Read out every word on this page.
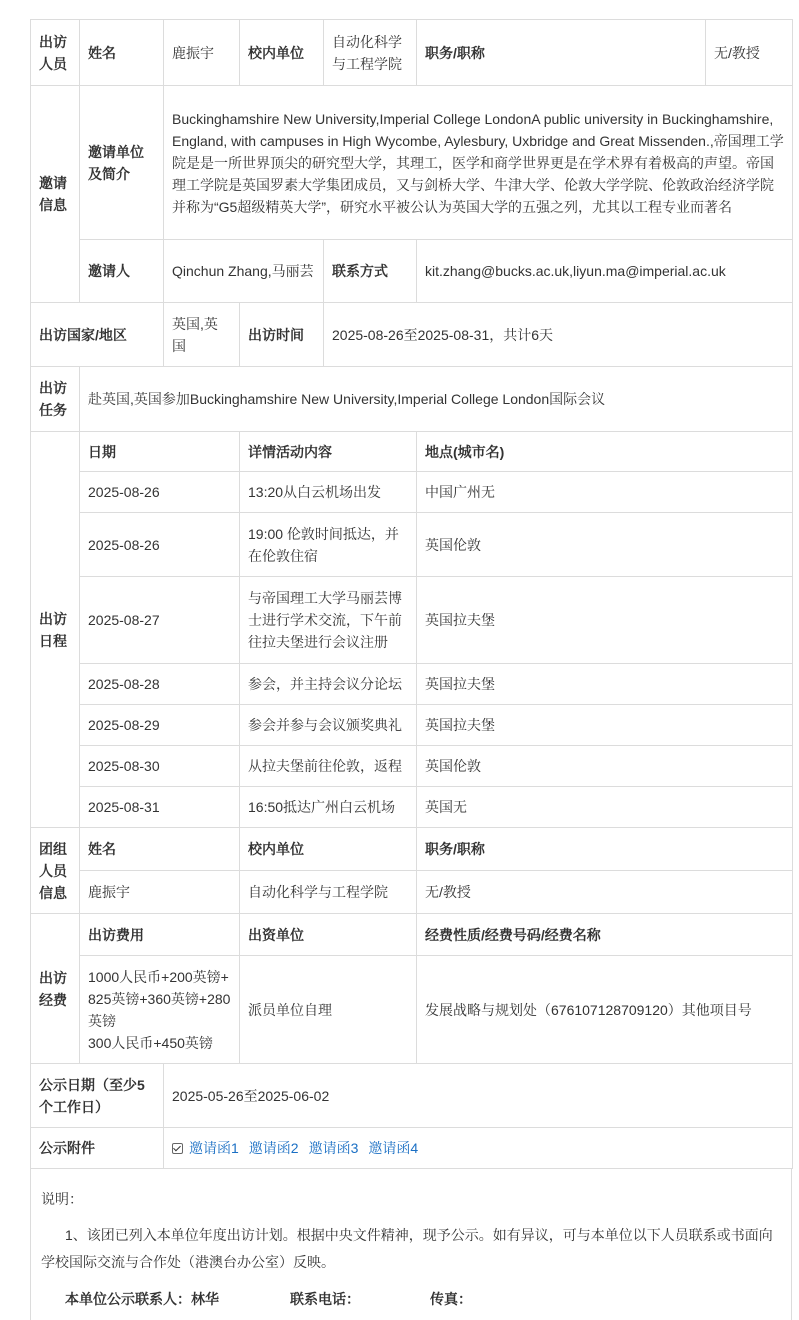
出访人员	姓名	鹿振宇	校内单位	自动化科学与工程学院	职务/职称	无/教授
邀请信息	邀请单位及简介	Buckinghamshire New University,Imperial College LondonA public university in Buckinghamshire, England, with campuses in High Wycombe, Aylesbury, Uxbridge and Great Missenden.,帝国理工学院是是一所世界顶尖的研究型大学，其理工，医学和商学世界更是在学术界有着极高的声望。帝国理工学院是英国罗素大学集团成员，又与剑桥大学、牛津大学、伦敦大学学院、伦敦政治经济学院并称为“G5超级精英大学”，研究水平被公认为英国大学的五强之列，尤其以工程专业而著名				
	邀请人	Qinchun Zhang,马丽芸		联系方式	kit.zhang@bucks.ac.uk,liyun.ma@imperial.ac.uk	
出访国家/地区		英国,英国	出访时间	2025-08-26至2025-08-31，共计6天		
出访任务	赴英国,英国参加Buckinghamshire New University,Imperial College London国际会议					
出访日程	日期		详情活动内容		地点(城市名)	
	2025-08-26		13:20从白云机场出发		中国广州无	
	2025-08-26		19:00 伦敦时间抵达，并在伦敦住宿		英国伦敦	
	2025-08-27		与帝国理工大学马丽芸博士进行学术交流，下午前往拉夫堡进行会议注册		英国拉夫堡	
	2025-08-28		参会，并主持会议分论坛		英国拉夫堡	
	2025-08-29		参会并参与会议颁奖典礼		英国拉夫堡	
	2025-08-30		从拉夫堡前往伦敦，返程		英国伦敦	
	2025-08-31		16:50抵达广州白云机场		英国无	
团组人员信息	姓名		校内单位		职务/职称	
	鹿振宇		自动化科学与工程学院		无/教授	
出访经费	出访费用		出资单位		经费性质/经费号码/经费名称	

	1000人民币+200英镑+825英镑+360英镑+280英镑
300人民币+450英镑		派员单位自理		发展战略与规划处（676107128709120）其他项目号	
公示日期（至少5个工作日）		2025-05-26至2025-06-02				
公示附件		邀请函1 邀请函2 邀请函3 邀请函4				
说明：
1、该团已列入本单位年度出访计划。根据中央文件精神，现予公示。如有异议，可与本单位以下人员联系或书面向学校国际交流与合作处（港澳台办公室）反映。
本单位公示联系人：林华	联系电话：	传真：
